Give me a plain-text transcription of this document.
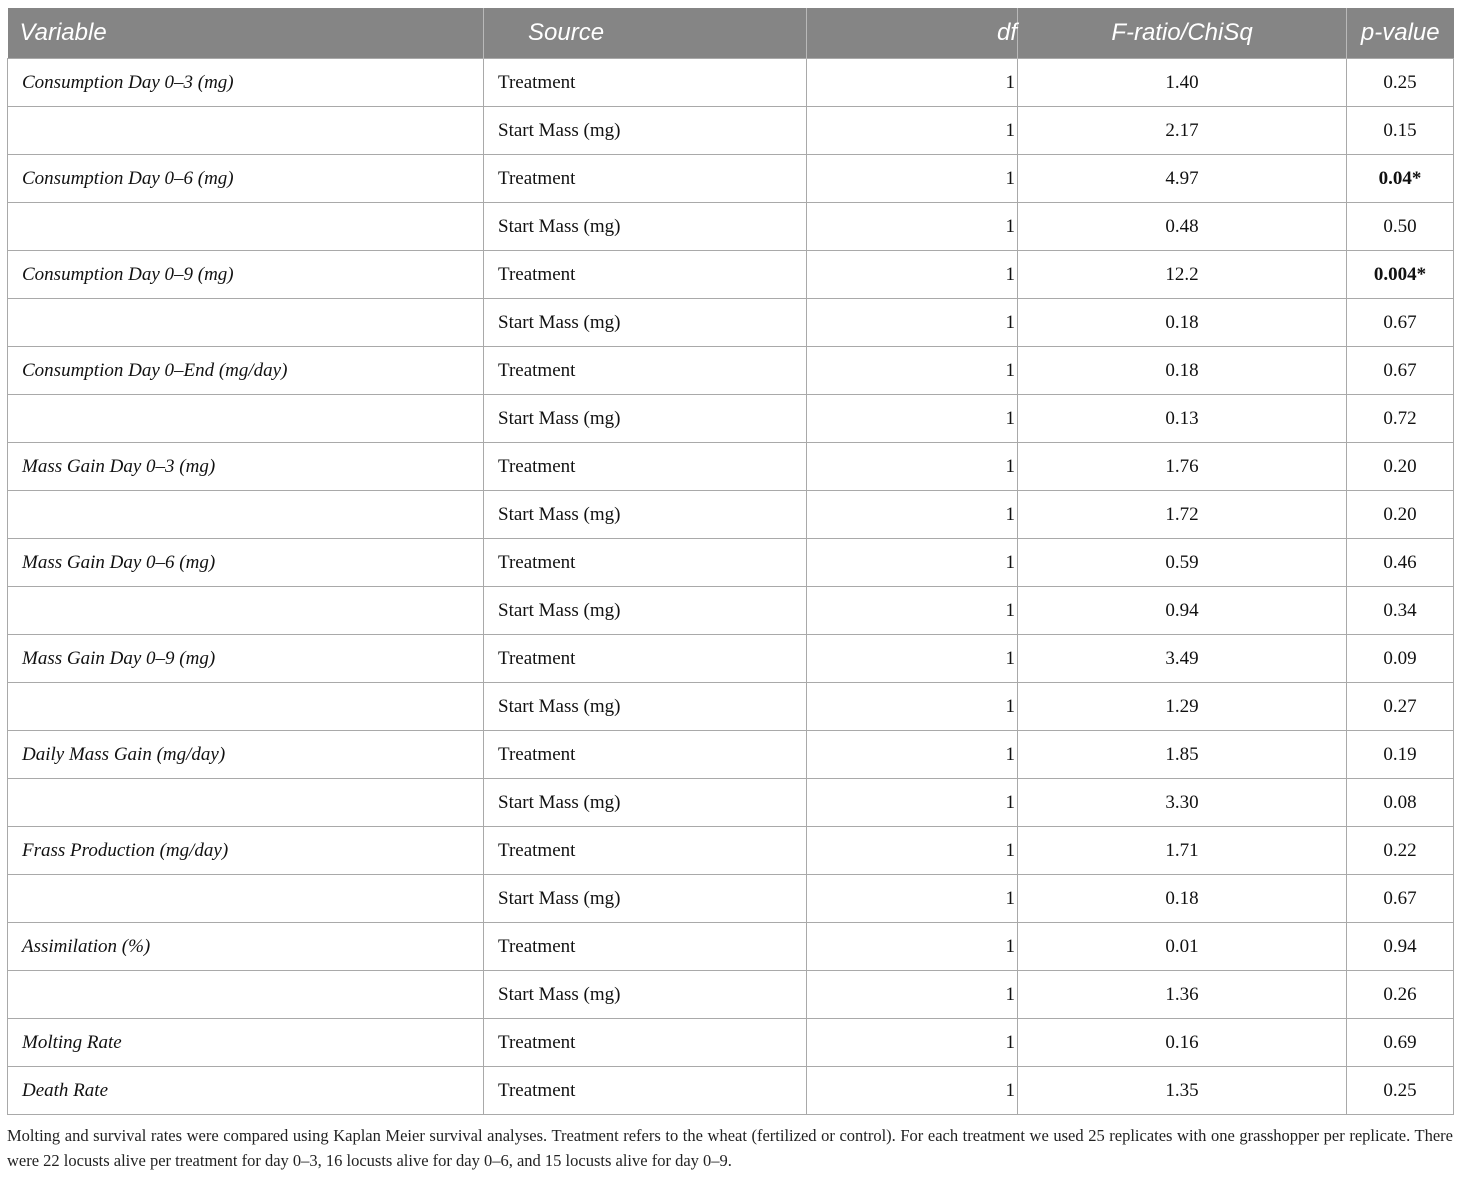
Variable	Source	df	F-ratio/ChiSq	p-value
Consumption Day 0–3 (mg)	Treatment	1	1.40	0.25
	Start Mass (mg)	1	2.17	0.15
Consumption Day 0–6 (mg)	Treatment	1	4.97	0.04*
	Start Mass (mg)	1	0.48	0.50
Consumption Day 0–9 (mg)	Treatment	1	12.2	0.004*
	Start Mass (mg)	1	0.18	0.67
Consumption Day 0–End (mg/day)	Treatment	1	0.18	0.67
	Start Mass (mg)	1	0.13	0.72
Mass Gain Day 0–3 (mg)	Treatment	1	1.76	0.20
	Start Mass (mg)	1	1.72	0.20
Mass Gain Day 0–6 (mg)	Treatment	1	0.59	0.46
	Start Mass (mg)	1	0.94	0.34
Mass Gain Day 0–9 (mg)	Treatment	1	3.49	0.09
	Start Mass (mg)	1	1.29	0.27
Daily Mass Gain (mg/day)	Treatment	1	1.85	0.19
	Start Mass (mg)	1	3.30	0.08
Frass Production (mg/day)	Treatment	1	1.71	0.22
	Start Mass (mg)	1	0.18	0.67
Assimilation (%)	Treatment	1	0.01	0.94
	Start Mass (mg)	1	1.36	0.26
Molting Rate	Treatment	1	0.16	0.69
Death Rate	Treatment	1	1.35	0.25
Molting and survival rates were compared using Kaplan Meier survival analyses. Treatment refers to the wheat (fertilized or control). For each treatment we used 25 replicates with one grasshopper per replicate. There were 22 locusts alive per treatment for day 0–3, 16 locusts alive for day 0–6, and 15 locusts alive for day 0–9.
